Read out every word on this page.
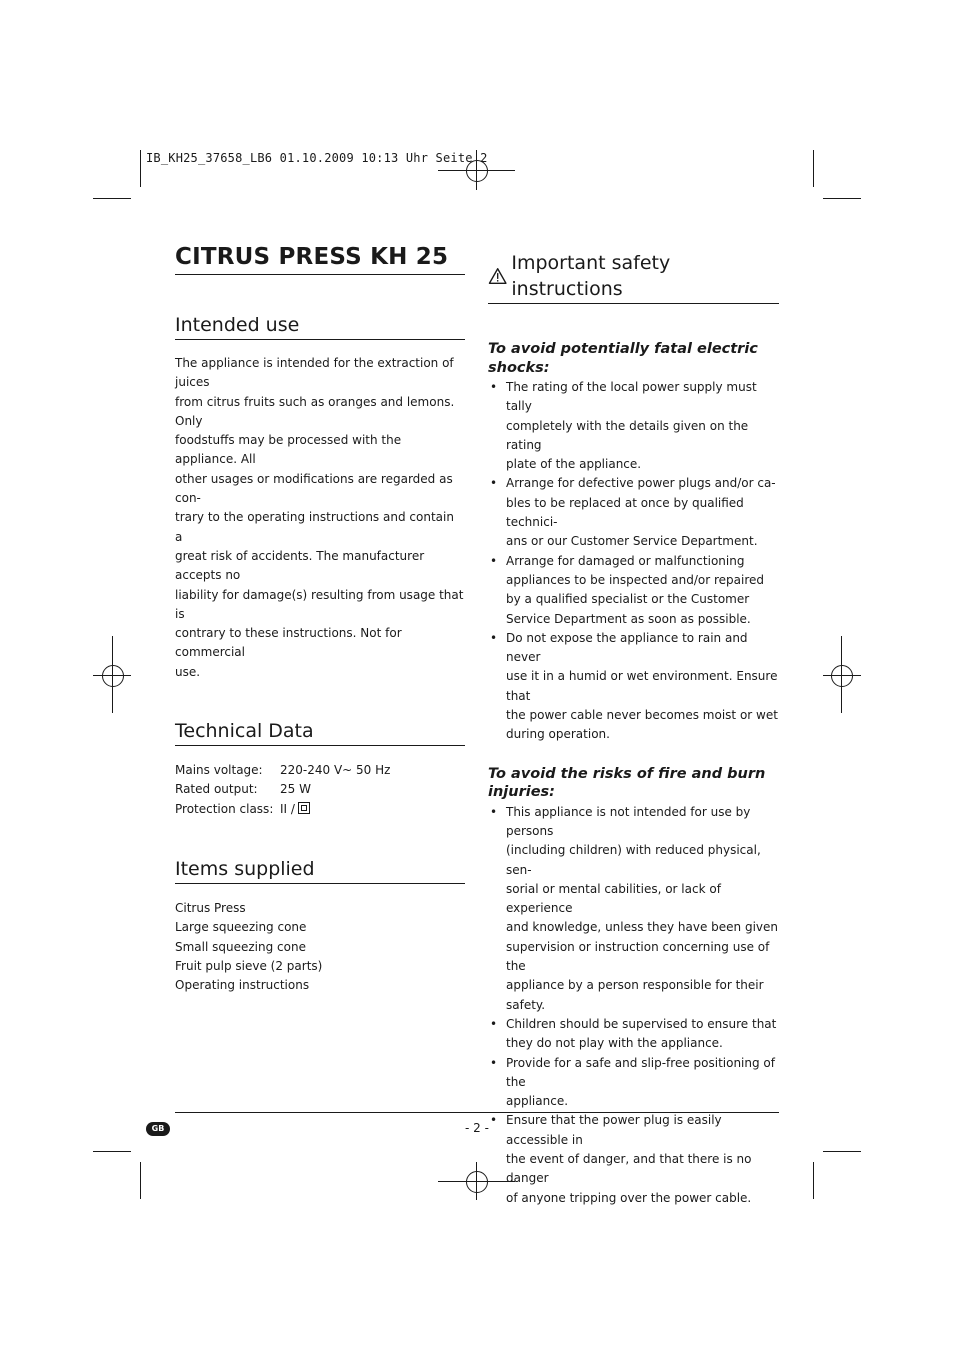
IB_KH25_37658_LB6 01.10.2009 10:13 Uhr Seite 2
CITRUS PRESS KH 25
Intended use

The appliance is intended for the extraction of juices

from citrus fruits such as oranges and lemons. Only

foodstuffs may be processed with the appliance. All

other usages or modifications are regarded as con-

trary to the operating instructions and contain a

great risk of accidents. The manufacturer accepts no

liability for damage(s) resulting from usage that is

contrary to these instructions. Not for commercial

use.

Technical Data
Mains voltage:	220-240 V~ 50 Hz
Rated output:	25 W
Protection class: II /
Items supplied
Citrus Press
Large squeezing cone
Small squeezing cone
Fruit pulp sieve (2 parts)
Operating instructions
Important safety instructions

To avoid potentially fatal electric

shocks:

• The rating of the local power supply must tally
completely with the details given on the rating
plate of the appliance.
• Arrange for defective power plugs and/or ca-
bles to be replaced at once by qualified technici-
ans or our Customer Service Department.
• Arrange for damaged or malfunctioning
appliances to be inspected and/or repaired
by a qualified specialist or the Customer
Service Department as soon as possible.
• Do not expose the appliance to rain and never
use it in a humid or wet environment. Ensure that
the power cable never becomes moist or wet
during operation.

To avoid the risks of fire and burn

injuries:

• This appliance is not intended for use by persons
(including children) with reduced physical, sen-
sorial or mental cabilities, or lack of experience
and knowledge, unless they have been given
supervision or instruction concerning use of the
appliance by a person responsible for their
safety.
• Children should be supervised to ensure that
they do not play with the appliance.
• Provide for a safe and slip-free positioning of the
appliance.
• Ensure that the power plug is easily accessible in
the event of danger, and that there is no danger
of anyone tripping over the power cable.
GB	- 2 -
